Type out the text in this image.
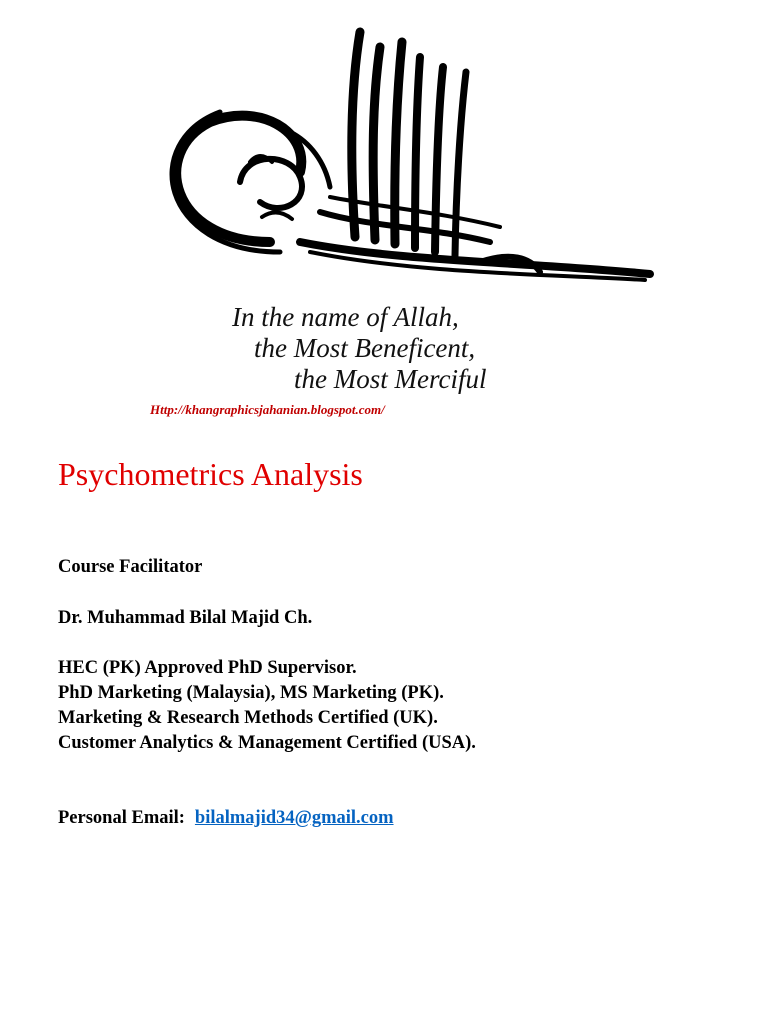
In the name of Allah,
the Most Beneficent,
the Most Merciful
Http://khangraphicsjahanian.blogspot.com/
Psychometrics Analysis
Course Facilitator
Dr. Muhammad Bilal Majid Ch.
HEC (PK) Approved PhD Supervisor.
PhD Marketing (Malaysia), MS Marketing (PK).
Marketing & Research Methods Certified (UK).
Customer Analytics & Management Certified (USA).
Personal Email: bilalmajid34@gmail.com
